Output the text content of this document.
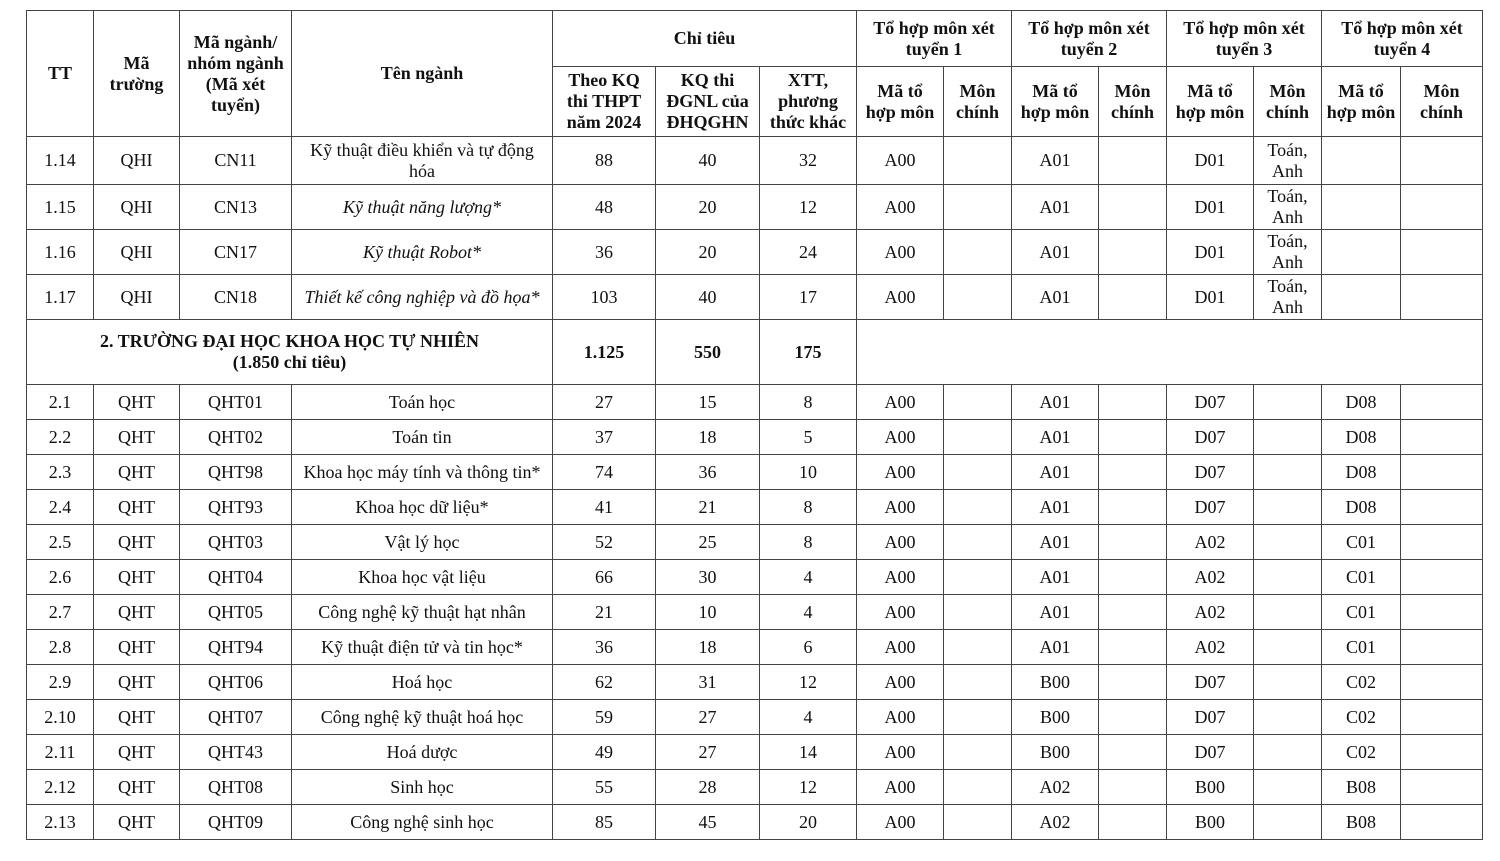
TT	Mã trường	Mã ngành/ nhóm ngành (Mã xét tuyển)	Tên ngành	Chỉ tiêu			Tổ hợp môn xét tuyển 1		Tổ hợp môn xét tuyển 2		Tổ hợp môn xét tuyển 3		Tổ hợp môn xét tuyển 4	
				Theo KQ thi THPT năm 2024	KQ thi ĐGNL của ĐHQGHN	XTT, phương thức khác	Mã tổ hợp môn	Môn chính	Mã tổ hợp môn	Môn chính	Mã tổ hợp môn	Môn chính	Mã tổ hợp môn	Môn chính
1.14	QHI	CN11	Kỹ thuật điều khiển và tự động hóa	88	40	32	A00		A01		D01	Toán, Anh		
1.15	QHI	CN13	Kỹ thuật năng lượng*	48	20	12	A00		A01		D01	Toán, Anh		
1.16	QHI	CN17	Kỹ thuật Robot*	36	20	24	A00		A01		D01	Toán, Anh		
1.17	QHI	CN18	Thiết kế công nghiệp và đồ họa*	103	40	17	A00		A01		D01	Toán, Anh		

2. TRƯỜNG ĐẠI HỌC KHOA HỌC TỰ NHIÊN
(1.850 chỉ tiêu)				1.125	550	175								
2.1	QHT	QHT01	Toán học	27	15	8	A00		A01		D07		D08	
2.2	QHT	QHT02	Toán tin	37	18	5	A00		A01		D07		D08	
2.3	QHT	QHT98	Khoa học máy tính và thông tin*	74	36	10	A00		A01		D07		D08	
2.4	QHT	QHT93	Khoa học dữ liệu*	41	21	8	A00		A01		D07		D08	
2.5	QHT	QHT03	Vật lý học	52	25	8	A00		A01		A02		C01	
2.6	QHT	QHT04	Khoa học vật liệu	66	30	4	A00		A01		A02		C01	
2.7	QHT	QHT05	Công nghệ kỹ thuật hạt nhân	21	10	4	A00		A01		A02		C01	
2.8	QHT	QHT94	Kỹ thuật điện tử và tin học*	36	18	6	A00		A01		A02		C01	
2.9	QHT	QHT06	Hoá học	62	31	12	A00		B00		D07		C02	
2.10	QHT	QHT07	Công nghệ kỹ thuật hoá học	59	27	4	A00		B00		D07		C02	
2.11	QHT	QHT43	Hoá dược	49	27	14	A00		B00		D07		C02	
2.12	QHT	QHT08	Sinh học	55	28	12	A00		A02		B00		B08	
2.13	QHT	QHT09	Công nghệ sinh học	85	45	20	A00		A02		B00		B08	
